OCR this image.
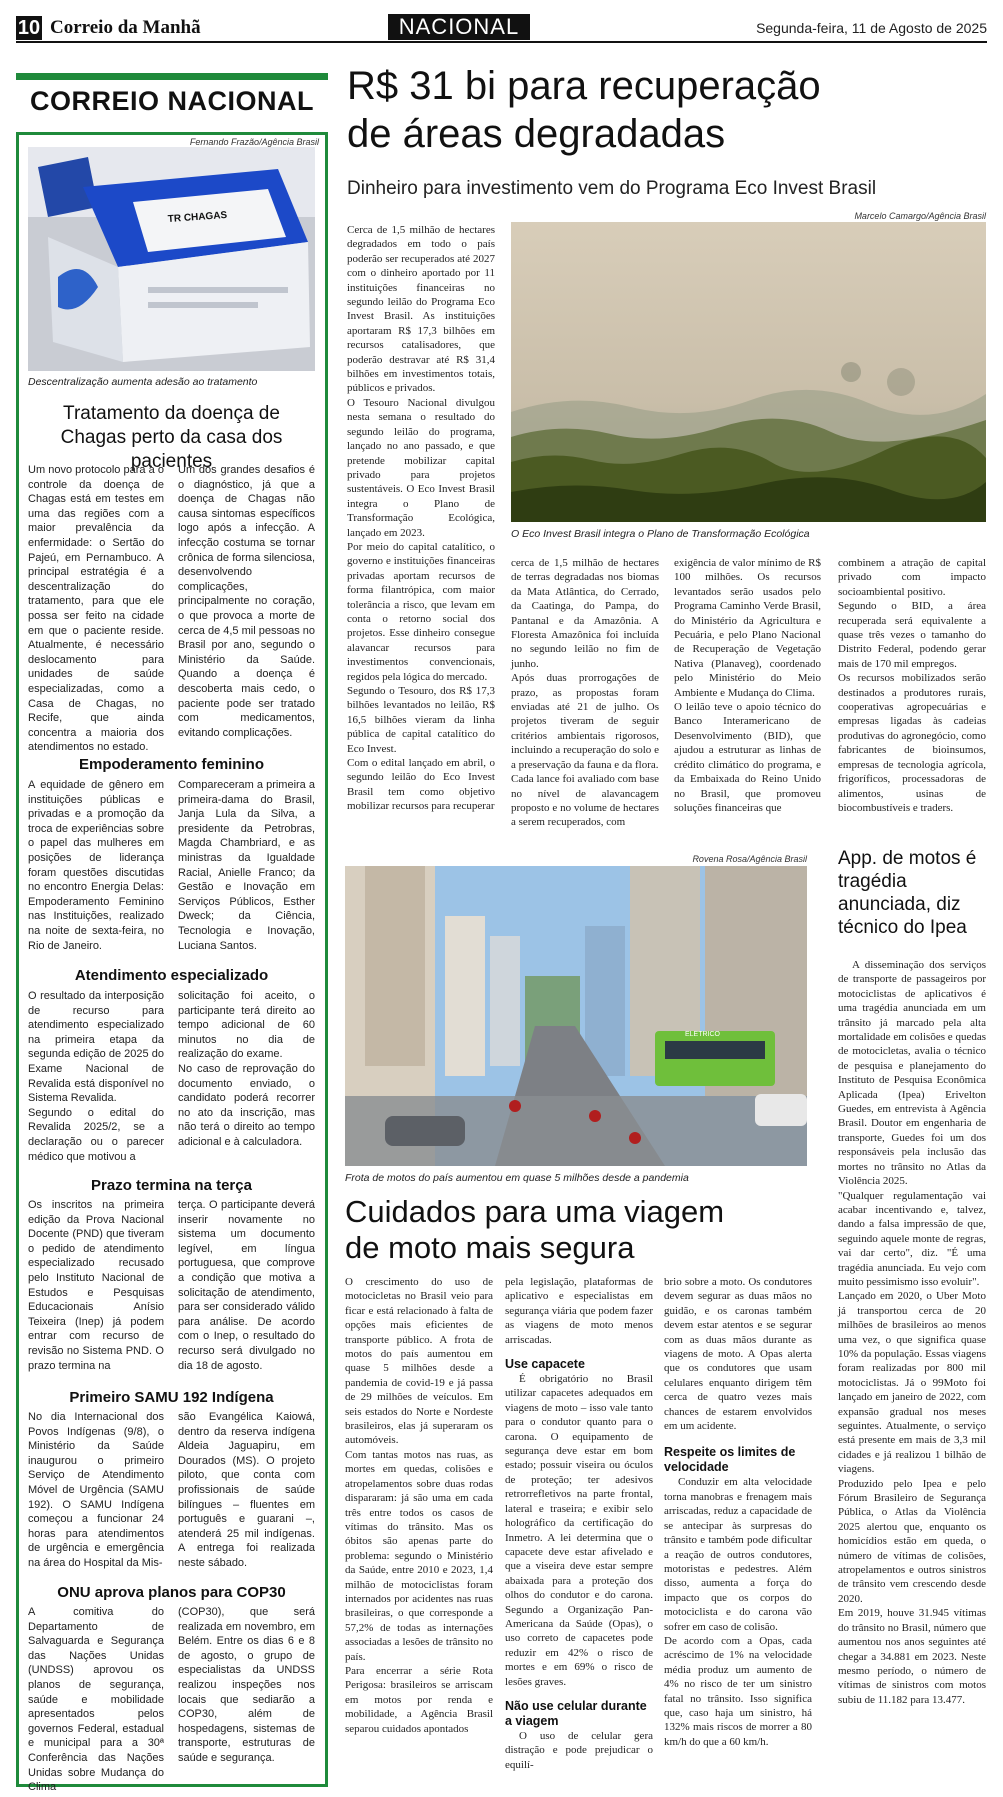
10 Correio da Manhã	NACIONAL	Segunda-feira, 11 de Agosto de 2025
CORREIO NACIONAL
Fernando Frazão/Agência Brasil
TR CHAGAS
Descentralização aumenta adesão ao tratamento
Tratamento da doença de Chagas perto da casa dos pacientes
Um novo protocolo para a o controle da doença de Chagas está em testes em uma das regiões com a maior prevalência da enfermidade: o Sertão do Pajeú, em Pernambuco. A principal estratégia é a descentralização do tratamento, para que ele possa ser feito na cidade em que o paciente reside. Atualmente, é necessário deslocamento para unidades de saúde especializadas, como a Casa de Chagas, no Recife, que ainda concentra a maioria dos atendimentos no estado.
Um dos grandes desafios é o diagnóstico, já que a doença de Chagas não causa sintomas específicos logo após a infecção. A infecção costuma se tornar crônica de forma silenciosa, desenvolvendo complicações, principalmente no coração, o que provoca a morte de cerca de 4,5 mil pessoas no Brasil por ano, segundo o Ministério da Saúde. Quando a doença é descoberta mais cedo, o paciente pode ser tratado com medicamentos, evitando complicações.
Empoderamento feminino
A equidade de gênero em instituições públicas e privadas e a promoção da troca de experiências sobre o papel das mulheres em posições de liderança foram questões discutidas no encontro Energia Delas: Empoderamento Feminino nas Instituições, realizado na noite de sexta-feira, no Rio de Janeiro.
Compareceram a primeira a primeira-dama do Brasil, Janja Lula da Silva, a presidente da Petrobras, Magda Chambriard, e as ministras da Igualdade Racial, Anielle Franco; da Gestão e Inovação em Serviços Públicos, Esther Dweck; da Ciência, Tecnologia e Inovação, Luciana Santos.
Atendimento especializado
O resultado da interposição de recurso para atendimento especializado na primeira etapa da segunda edição de 2025 do Exame Nacional de Revalida está disponível no Sistema Revalida.
Segundo o edital do Revalida 2025/2, se a declaração ou o parecer médico que motivou a
solicitação foi aceito, o participante terá direito ao tempo adicional de 60 minutos no dia de realização do exame.
No caso de reprovação do documento enviado, o candidato poderá recorrer no ato da inscrição, mas não terá o direito ao tempo adicional e à calculadora.
Prazo termina na terça
Os inscritos na primeira edição da Prova Nacional Docente (PND) que tiveram o pedido de atendimento especializado recusado pelo Instituto Nacional de Estudos e Pesquisas Educacionais Anísio Teixeira (Inep) já podem entrar com recurso de revisão no Sistema PND. O prazo termina na
terça. O participante deverá inserir novamente no sistema um documento legível, em língua portuguesa, que comprove a condição que motiva a solicitação de atendimento, para ser considerado válido para análise. De acordo com o Inep, o resultado do recurso será divulgado no dia 18 de agosto.
Primeiro SAMU 192 Indígena
No dia Internacional dos Povos Indígenas (9/8), o Ministério da Saúde inaugurou o primeiro Serviço de Atendimento Móvel de Urgência (SAMU 192). O SAMU Indígena começou a funcionar 24 horas para atendimentos de urgência e emergência na área do Hospital da Mis-
são Evangélica Kaiowá, dentro da reserva indígena Aldeia Jaguapiru, em Dourados (MS). O projeto piloto, que conta com profissionais de saúde bilíngues – fluentes em português e guarani –, atenderá 25 mil indígenas. A entrega foi realizada neste sábado.
ONU aprova planos para COP30
A comitiva do Departamento de Salvaguarda e Segurança das Nações Unidas (UNDSS) aprovou os planos de segurança, saúde e mobilidade apresentados pelos governos Federal, estadual e municipal para a 30ª Conferência das Nações Unidas sobre Mudança do Clima
(COP30), que será realizada em novembro, em Belém. Entre os dias 6 e 8 de agosto, o grupo de especialistas da UNDSS realizou inspeções nos locais que sediarão a COP30, além de hospedagens, sistemas de transporte, estruturas de saúde e segurança.
R$ 31 bi para recuperação
de áreas degradadas
Dinheiro para investimento vem do Programa Eco Invest Brasil
Cerca de 1,5 milhão de hectares degradados em todo o país poderão ser recuperados até 2027 com o dinheiro aportado por 11 instituições financeiras no segundo leilão do Programa Eco Invest Brasil. As instituições aportaram R$ 17,3 bilhões em recursos catalisadores, que poderão destravar até R$ 31,4 bilhões em investimentos totais, públicos e privados.
O Tesouro Nacional divulgou nesta semana o resultado do segundo leilão do programa, lançado no ano passado, e que pretende mobilizar capital privado para projetos sustentáveis. O Eco Invest Brasil integra o Plano de Transformação Ecológica, lançado em 2023.
Por meio do capital catalítico, o governo e instituições financeiras privadas aportam recursos de forma filantrópica, com maior tolerância a risco, que levam em conta o retorno social dos projetos. Esse dinheiro consegue alavancar recursos para investimentos convencionais, regidos pela lógica do mercado.
Segundo o Tesouro, dos R$ 17,3 bilhões levantados no leilão, R$ 16,5 bilhões vieram da linha pública de capital catalítico do Eco Invest.
Com o edital lançado em abril, o segundo leilão do Eco Invest Brasil tem como objetivo mobilizar recursos para recuperar
Marcelo Camargo/Agência Brasil
O Eco Invest Brasil integra o Plano de Transformação Ecológica
cerca de 1,5 milhão de hectares de terras degradadas nos biomas da Mata Atlântica, do Cerrado, da Caatinga, do Pampa, do Pantanal e da Amazônia. A Floresta Amazônica foi incluída no segundo leilão no fim de junho.
Após duas prorrogações de prazo, as propostas foram enviadas até 21 de julho. Os projetos tiveram de seguir critérios ambientais rigorosos, incluindo a recuperação do solo e a preservação da fauna e da flora.
Cada lance foi avaliado com base no nível de alavancagem proposto e no volume de hectares a serem recuperados, com
exigência de valor mínimo de R$ 100 milhões. Os recursos levantados serão usados pelo Programa Caminho Verde Brasil, do Ministério da Agricultura e Pecuária, e pelo Plano Nacional de Recuperação de Vegetação Nativa (Planaveg), coordenado pelo Ministério do Meio Ambiente e Mudança do Clima.
O leilão teve o apoio técnico do Banco Interamericano de Desenvolvimento (BID), que ajudou a estruturar as linhas de crédito climático do programa, e da Embaixada do Reino Unido no Brasil, que promoveu soluções financeiras que
combinem a atração de capital privado com impacto socioambiental positivo.
Segundo o BID, a área recuperada será equivalente a quase três vezes o tamanho do Distrito Federal, podendo gerar mais de 170 mil empregos.
Os recursos mobilizados serão destinados a produtores rurais, cooperativas agropecuárias e empresas ligadas às cadeias produtivas do agronegócio, como fabricantes de bioinsumos, empresas de tecnologia agrícola, frigoríficos, processadoras de alimentos, usinas de biocombustíveis e traders.
Rovena Rosa/Agência Brasil
ELETRICO
Frota de motos do país aumentou em quase 5 milhões desde a pandemia
Cuidados para uma viagem
de moto mais segura
O crescimento do uso de motocicletas no Brasil veio para ficar e está relacionado à falta de opções mais eficientes de transporte público. A frota de motos do país aumentou em quase 5 milhões desde a pandemia de covid-19 e já passa de 29 milhões de veículos. Em seis estados do Norte e Nordeste brasileiros, elas já superaram os automóveis.
Com tantas motos nas ruas, as mortes em quedas, colisões e atropelamentos sobre duas rodas dispararam: já são uma em cada três entre todos os casos de vítimas do trânsito. Mas os óbitos são apenas parte do problema: segundo o Ministério da Saúde, entre 2010 e 2023, 1,4 milhão de motociclistas foram internados por acidentes nas ruas brasileiras, o que corresponde a 57,2% de todas as internações associadas a lesões de trânsito no país.
Para encerrar a série Rota Perigosa: brasileiros se arriscam em motos por renda e mobilidade, a Agência Brasil separou cuidados apontados
pela legislação, plataformas de aplicativo e especialistas em segurança viária que podem fazer as viagens de moto menos arriscadas.
Use capacete
É obrigatório no Brasil utilizar capacetes adequados em viagens de moto – isso vale tanto para o condutor quanto para o carona. O equipamento de segurança deve estar em bom estado; possuir viseira ou óculos de proteção; ter adesivos retrorrefletivos na parte frontal, lateral e traseira; e exibir selo holográfico da certificação do Inmetro. A lei determina que o capacete deve estar afivelado e que a viseira deve estar sempre abaixada para a proteção dos olhos do condutor e do carona. Segundo a Organização Pan-Americana da Saúde (Opas), o uso correto de capacetes pode reduzir em 42% o risco de mortes e em 69% o risco de lesões graves.
Não use celular durante a viagem
O uso de celular gera distração e pode prejudicar o equilí-
brio sobre a moto. Os condutores devem segurar as duas mãos no guidão, e os caronas também devem estar atentos e se segurar com as duas mãos durante as viagens de moto. A Opas alerta que os condutores que usam celulares enquanto dirigem têm cerca de quatro vezes mais chances de estarem envolvidos em um acidente.
Respeite os limites de velocidade
Conduzir em alta velocidade torna manobras e frenagem mais arriscadas, reduz a capacidade de se antecipar às surpresas do trânsito e também pode dificultar a reação de outros condutores, motoristas e pedestres. Além disso, aumenta a força do impacto que os corpos do motociclista e do carona vão sofrer em caso de colisão.
De acordo com a Opas, cada acréscimo de 1% na velocidade média produz um aumento de 4% no risco de ter um sinistro fatal no trânsito. Isso significa que, caso haja um sinistro, há 132% mais riscos de morrer a 80 km/h do que a 60 km/h.
App. de motos é tragédia anunciada, diz técnico do Ipea
A disseminação dos serviços de transporte de passageiros por motociclistas de aplicativos é uma tragédia anunciada em um trânsito já marcado pela alta mortalidade em colisões e quedas de motocicletas, avalia o técnico de pesquisa e planejamento do Instituto de Pesquisa Econômica Aplicada (Ipea) Erivelton Guedes, em entrevista à Agência Brasil. Doutor em engenharia de transporte, Guedes foi um dos responsáveis pela inclusão das mortes no trânsito no Atlas da Violência 2025.
"Qualquer regulamentação vai acabar incentivando e, talvez, dando a falsa impressão de que, seguindo aquele monte de regras, vai dar certo", diz. "É uma tragédia anunciada. Eu vejo com muito pessimismo isso evoluir".
Lançado em 2020, o Uber Moto já transportou cerca de 20 milhões de brasileiros ao menos uma vez, o que significa quase 10% da população. Essas viagens foram realizadas por 800 mil motociclistas. Já o 99Moto foi lançado em janeiro de 2022, com expansão gradual nos meses seguintes. Atualmente, o serviço está presente em mais de 3,3 mil cidades e já realizou 1 bilhão de viagens.
Produzido pelo Ipea e pelo Fórum Brasileiro de Segurança Pública, o Atlas da Violência 2025 alertou que, enquanto os homicídios estão em queda, o número de vítimas de colisões, atropelamentos e outros sinistros de trânsito vem crescendo desde 2020.
Em 2019, houve 31.945 vítimas do trânsito no Brasil, número que aumentou nos anos seguintes até chegar a 34.881 em 2023. Neste mesmo período, o número de vítimas de sinistros com motos subiu de 11.182 para 13.477.
